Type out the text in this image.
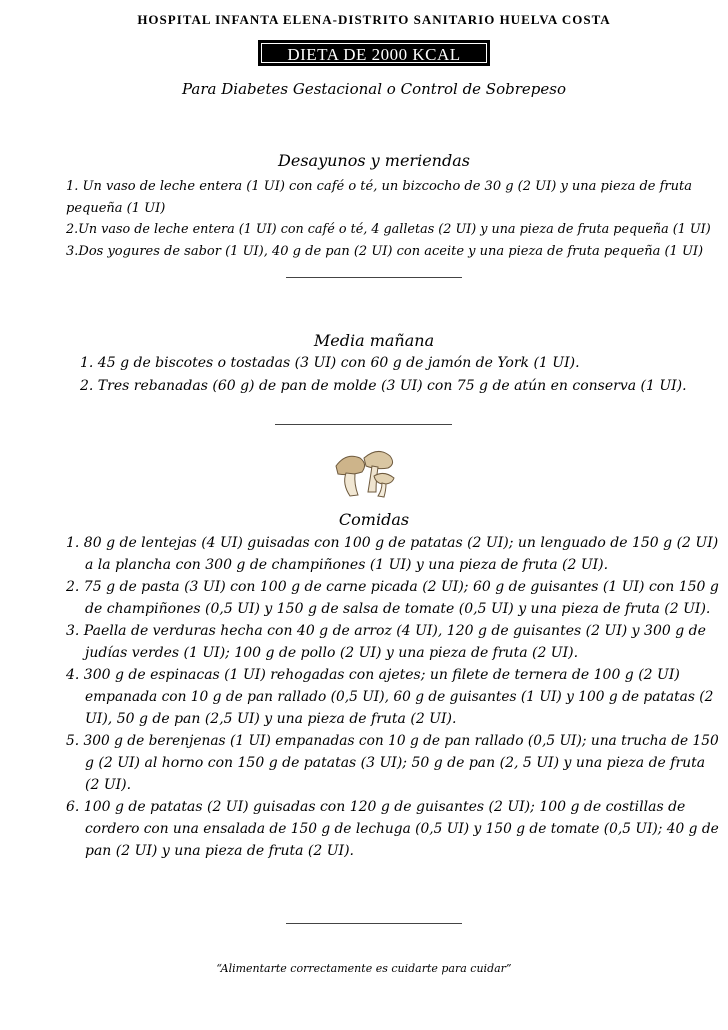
HOSPITAL INFANTA ELENA-DISTRITO SANITARIO HUELVA COSTA
DIETA DE 2000 KCAL
Para Diabetes Gestacional o Control de Sobrepeso
Desayunos y meriendas
1. Un vaso de leche entera (1 UI) con café o té, un bizcocho de 30 g (2 UI) y una pieza de fruta
pequeña (1 UI)
2.Un vaso de leche entera (1 UI) con café o té, 4 galletas (2 UI) y una pieza de fruta pequeña (1 UI)
3.Dos yogures de sabor (1 UI), 40 g de pan (2 UI) con aceite y una pieza de fruta pequeña (1 UI)
Media mañana
1. 45 g de biscotes o tostadas (3 UI) con 60 g de jamón de York (1 UI).
2. Tres rebanadas (60 g) de pan de molde (3 UI) con 75 g de atún en conserva (1 UI).
Comidas
1. 80 g de lentejas (4 UI) guisadas con 100 g de patatas (2 UI); un lenguado de 150 g (2 UI)
a la plancha con 300 g de champiñones (1 UI) y una pieza de fruta (2 UI).
2. 75 g de pasta (3 UI) con 100 g de carne picada (2 UI); 60 g de guisantes (1 UI) con 150 g
de champiñones (0,5 UI) y 150 g de salsa de tomate (0,5 UI) y una pieza de fruta (2 UI).
3. Paella de verduras hecha con 40 g de arroz (4 UI), 120 g de guisantes (2 UI) y 300 g de
judías verdes (1 UI); 100 g de pollo (2 UI) y una pieza de fruta (2 UI).
4. 300 g de espinacas (1 UI) rehogadas con ajetes; un filete de ternera de 100 g (2 UI)
empanada con 10 g de pan rallado (0,5 UI), 60 g de guisantes (1 UI) y 100 g de patatas (2
UI), 50 g de pan (2,5 UI) y una pieza de fruta (2 UI).
5. 300 g de berenjenas (1 UI) empanadas con 10 g de pan rallado (0,5 UI); una trucha de 150
g (2 UI) al horno con 150 g de patatas (3 UI); 50 g de pan (2, 5 UI) y una pieza de fruta
(2 UI).
6. 100 g de patatas (2 UI) guisadas con 120 g de guisantes (2 UI); 100 g de costillas de
cordero con una ensalada de 150 g de lechuga (0,5 UI) y 150 g de tomate (0,5 UI); 40 g de
pan (2 UI) y una pieza de fruta (2 UI).
“Alimentarte correctamente es cuidarte para cuidar”
